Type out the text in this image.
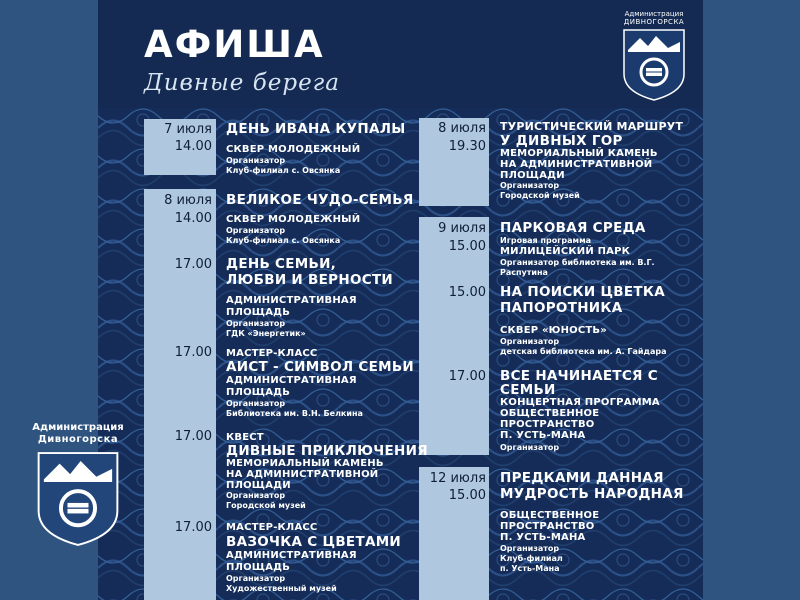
АФИША
Дивные берега
Администрация
ДИВНОГОРСКА
7 июля
14.00
ДЕНЬ ИВАНА КУПАЛЫ
СКВЕР МОЛОДЕЖНЫЙ
Организатор
Клуб-филиал с. Овсянка
8 июля ВЕЛИКОЕ ЧУДО-СЕМЬЯ
14.00 СКВЕР МОЛОДЕЖНЫЙ
Организатор
Клуб-филиал с. Овсянка
17.00 ДЕНЬ СЕМЬИ,
ЛЮБВИ И ВЕРНОСТИ
АДМИНИСТРАТИВНАЯ
ПЛОЩАДЬ
Организатор
ГДК «Энергетик»
17.00 МАСТЕР-КЛАСС
АИСТ - СИМВОЛ СЕМЬИ
АДМИНИСТРАТИВНАЯ
ПЛОЩАДЬ
Организатор
Библиотека им. В.Н. Белкина
17.00 КВЕСТ
ДИВНЫЕ ПРИКЛЮЧЕНИЯ
МЕМОРИАЛЬНЫЙ КАМЕНЬ
НА АДМИНИСТРАТИВНОЙ
ПЛОЩАДИ
Организатор
Городской музей
17.00 МАСТЕР-КЛАСС
ВАЗОЧКА С ЦВЕТАМИ
АДМИНИСТРАТИВНАЯ
ПЛОЩАДЬ
Организатор
Художественный музей
8 июля
19.30
ТУРИСТИЧЕСКИЙ МАРШРУТ
У ДИВНЫХ ГОР
МЕМОРИАЛЬНЫЙ КАМЕНЬ
НА АДМИНИСТРАТИВНОЙ
ПЛОЩАДИ
Организатор
Городской музей
9 июля ПАРКОВАЯ СРЕДА
15.00 Игровая программа
МИЛИЦЕЙСКИЙ ПАРК
Организатор библиотека им. В.Г.
Распутина
15.00 НА ПОИСКИ ЦВЕТКА
ПАПОРОТНИКА
СКВЕР «ЮНОСТЬ»
Организатор
детская библиотека им. А. Гайдара
17.00 ВСЕ НАЧИНАЕТСЯ С
СЕМЬИ
КОНЦЕРТНАЯ ПРОГРАММА
ОБЩЕСТВЕННОЕ
ПРОСТРАНСТВО
П. УСТЬ-МАНА
Организатор
12 июля
15.00
ПРЕДКАМИ ДАННАЯ
МУДРОСТЬ НАРОДНАЯ
ОБЩЕСТВЕННОЕ
ПРОСТРАНСТВО
П. УСТЬ-МАНА
Организатор
Клуб-филиал
п. Усть-Мана
Администрация
Дивногорска
